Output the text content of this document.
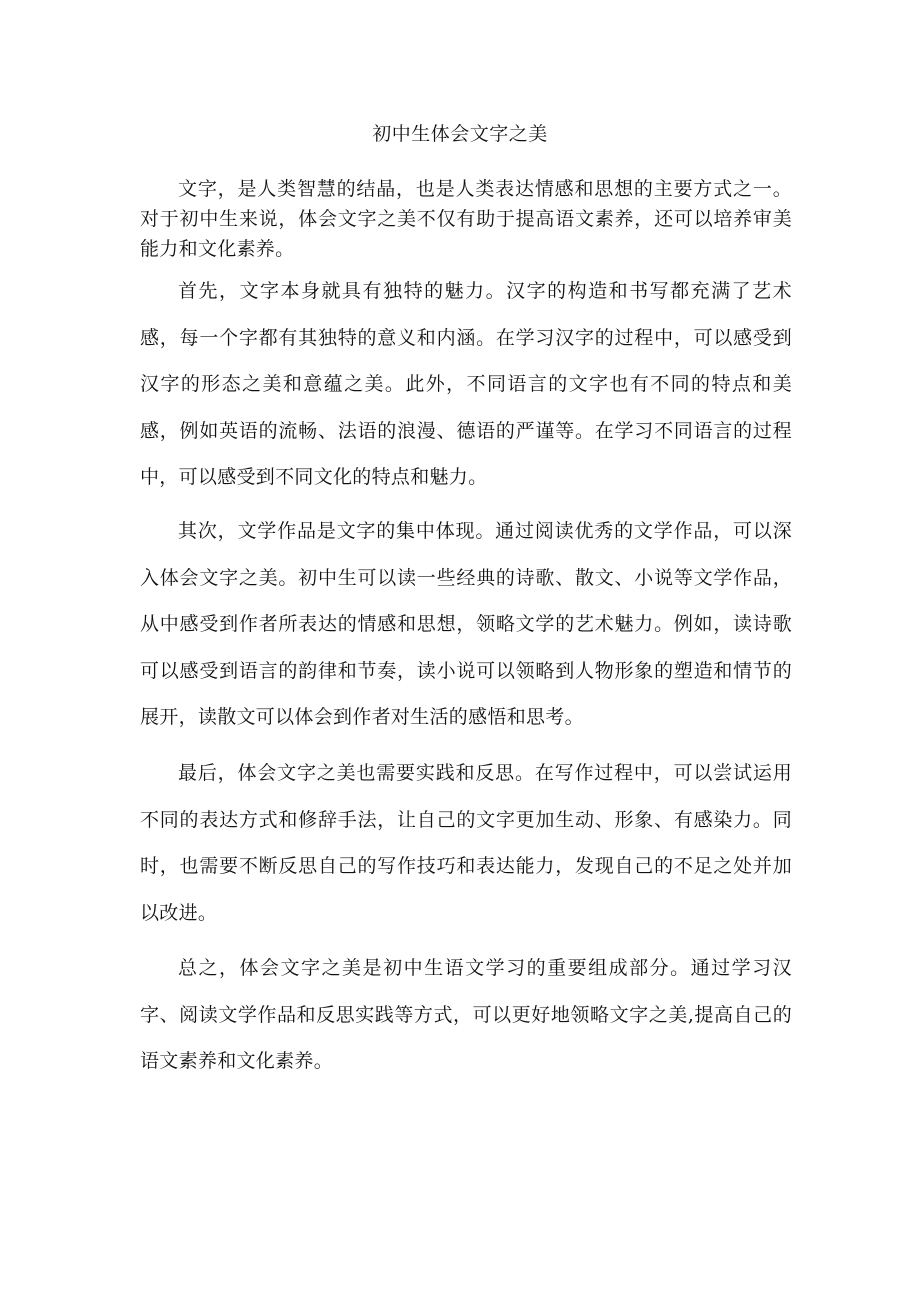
初中生体会文字之美

文字，是人类智慧的结晶，也是人类表达情感和思想的主要方式之一。对于初中生来说，体会文字之美不仅有助于提高语文素养，还可以培养审美能力和文化素养。

首先，文字本身就具有独特的魅力。汉字的构造和书写都充满了艺术感，每一个字都有其独特的意义和内涵。在学习汉字的过程中，可以感受到汉字的形态之美和意蕴之美。此外，不同语言的文字也有不同的特点和美感，例如英语的流畅、法语的浪漫、德语的严谨等。在学习不同语言的过程中，可以感受到不同文化的特点和魅力。

其次，文学作品是文字的集中体现。通过阅读优秀的文学作品，可以深入体会文字之美。初中生可以读一些经典的诗歌、散文、小说等文学作品，从中感受到作者所表达的情感和思想，领略文学的艺术魅力。例如，读诗歌可以感受到语言的韵律和节奏，读小说可以领略到人物形象的塑造和情节的展开，读散文可以体会到作者对生活的感悟和思考。

最后，体会文字之美也需要实践和反思。在写作过程中，可以尝试运用不同的表达方式和修辞手法，让自己的文字更加生动、形象、有感染力。同时，也需要不断反思自己的写作技巧和表达能力，发现自己的不足之处并加以改进。

总之，体会文字之美是初中生语文学习的重要组成部分。通过学习汉字、阅读文学作品和反思实践等方式，可以更好地领略文字之美,提高自己的语文素养和文化素养。
